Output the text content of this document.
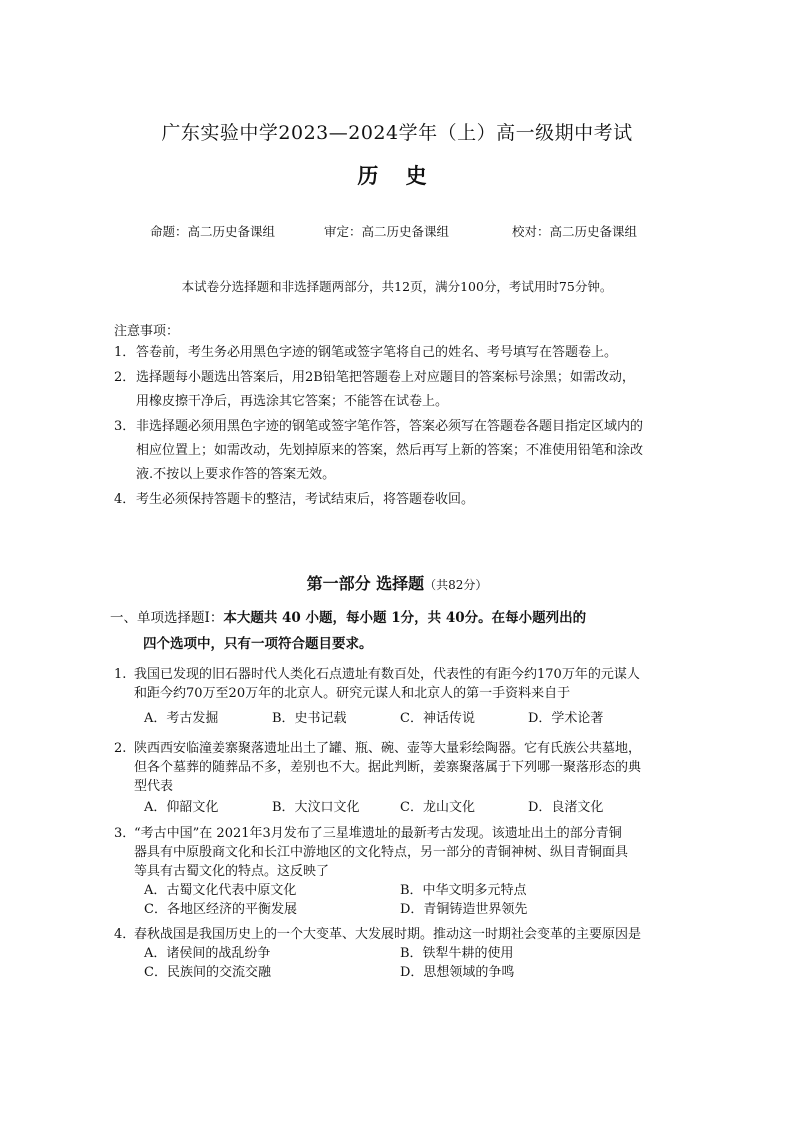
广东实验中学2023—2024学年（上）高一级期中考试
历 史
命题：高二历史备课组	审定：高二历史备课组	校对：高二历史备课组
本试卷分选择题和非选择题两部分，共12页，满分100分，考试用时75分钟。
注意事项：
1．答卷前，考生务必用黑色字迹的钢笔或签字笔将自己的姓名、考号填写在答题卷上。
2．选择题每小题选出答案后，用2B铅笔把答题卷上对应题目的答案标号涂黑；如需改动，
用橡皮擦干净后，再选涂其它答案；不能答在试卷上。
3．非选择题必须用黑色字迹的钢笔或签字笔作答，答案必须写在答题卷各题目指定区域内的
相应位置上；如需改动，先划掉原来的答案，然后再写上新的答案；不准使用铅笔和涂改
液.不按以上要求作答的答案无效。
4．考生必须保持答题卡的整洁，考试结束后，将答题卷收回。
第一部分 选择题（共82分）
一、单项选择题Ⅰ：本大题共 40 小题，每小题 1分，共 40分。在每小题列出的
四个选项中，只有一项符合题目要求。
1. 我国已发现的旧石器时代人类化石点遗址有数百处，代表性的有距今约170万年的元谋人
和距今约70万至20万年的北京人。研究元谋人和北京人的第一手资料来自于
A．考古发掘	B．史书记载	C．神话传说	D．学术论著
2. 陕西西安临潼姜寨聚落遗址出土了罐、瓶、碗、壶等大量彩绘陶器。它有氏族公共墓地，
但各个墓葬的随葬品不多，差别也不大。据此判断，姜寨聚落属于下列哪一聚落形态的典
型代表
A．仰韶文化	B．大汶口文化	C．龙山文化	D．良渚文化
3．“考古中国”在 2021年3月发布了三星堆遗址的最新考古发现。该遗址出土的部分青铜
器具有中原殷商文化和长江中游地区的文化特点，另一部分的青铜神树、纵目青铜面具
等具有古蜀文化的特点。这反映了
A．古蜀文化代表中原文化	B．中华文明多元特点
C．各地区经济的平衡发展	D．青铜铸造世界领先
4．春秋战国是我国历史上的一个大变革、大发展时期。推动这一时期社会变革的主要原因是
A．诸侯间的战乱纷争	B．铁犁牛耕的使用
C．民族间的交流交融	D．思想领域的争鸣
